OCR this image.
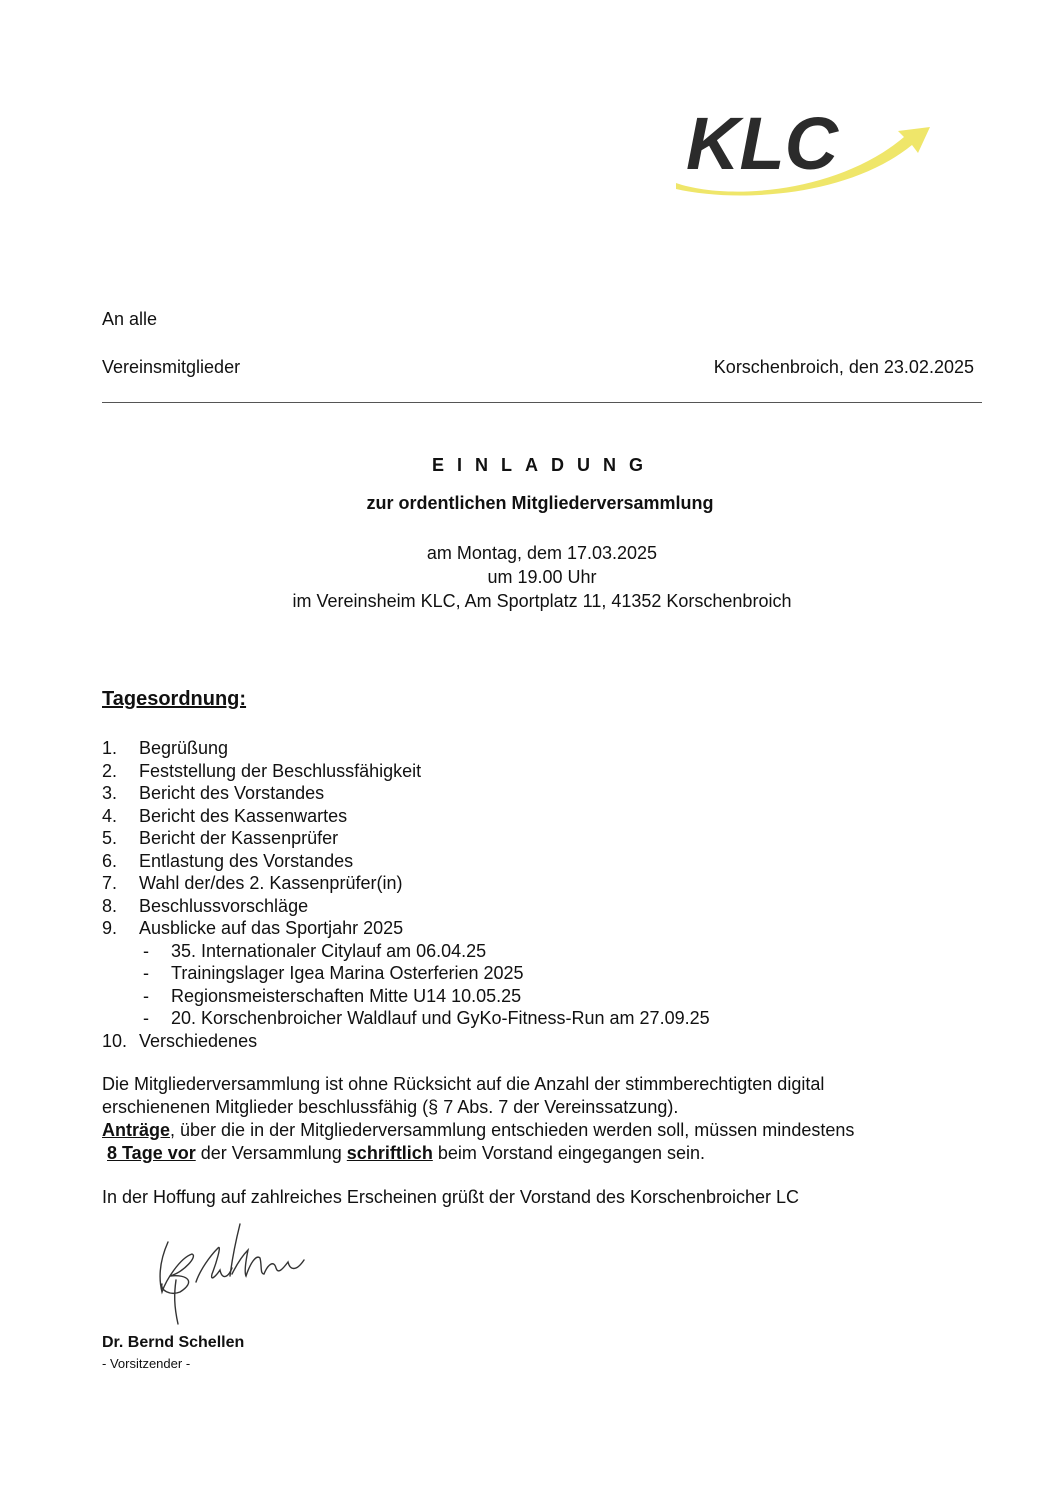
KLC
An alle
Vereinsmitglieder	Korschenbroich, den 23.02.2025
EINLADUNG
zur ordentlichen Mitgliederversammlung
am Montag, dem 17.03.2025
um 19.00 Uhr
im Vereinsheim KLC, Am Sportplatz 11, 41352 Korschenbroich
Tagesordnung:
1. Begrüßung
2. Feststellung der Beschlussfähigkeit
3. Bericht des Vorstandes
4. Bericht des Kassenwartes
5. Bericht der Kassenprüfer
6. Entlastung des Vorstandes
7. Wahl der/des 2. Kassenprüfer(in)
8. Beschlussvorschläge
9. Ausblicke auf das Sportjahr 2025
- 35. Internationaler Citylauf am 06.04.25
- Trainingslager Igea Marina Osterferien 2025
- Regionsmeisterschaften Mitte U14 10.05.25
- 20. Korschenbroicher Waldlauf und GyKo-Fitness-Run am 27.09.25
10. Verschiedenes
Die Mitgliederversammlung ist ohne Rücksicht auf die Anzahl der stimmberechtigten digital
erschienenen Mitglieder beschlussfähig (§ 7 Abs. 7 der Vereinssatzung).
Anträge, über die in der Mitgliederversammlung entschieden werden soll, müssen mindestens
8 Tage vor der Versammlung schriftlich beim Vorstand eingegangen sein.
In der Hoffung auf zahlreiches Erscheinen grüßt der Vorstand des Korschenbroicher LC
Dr. Bernd Schellen
- Vorsitzender -
